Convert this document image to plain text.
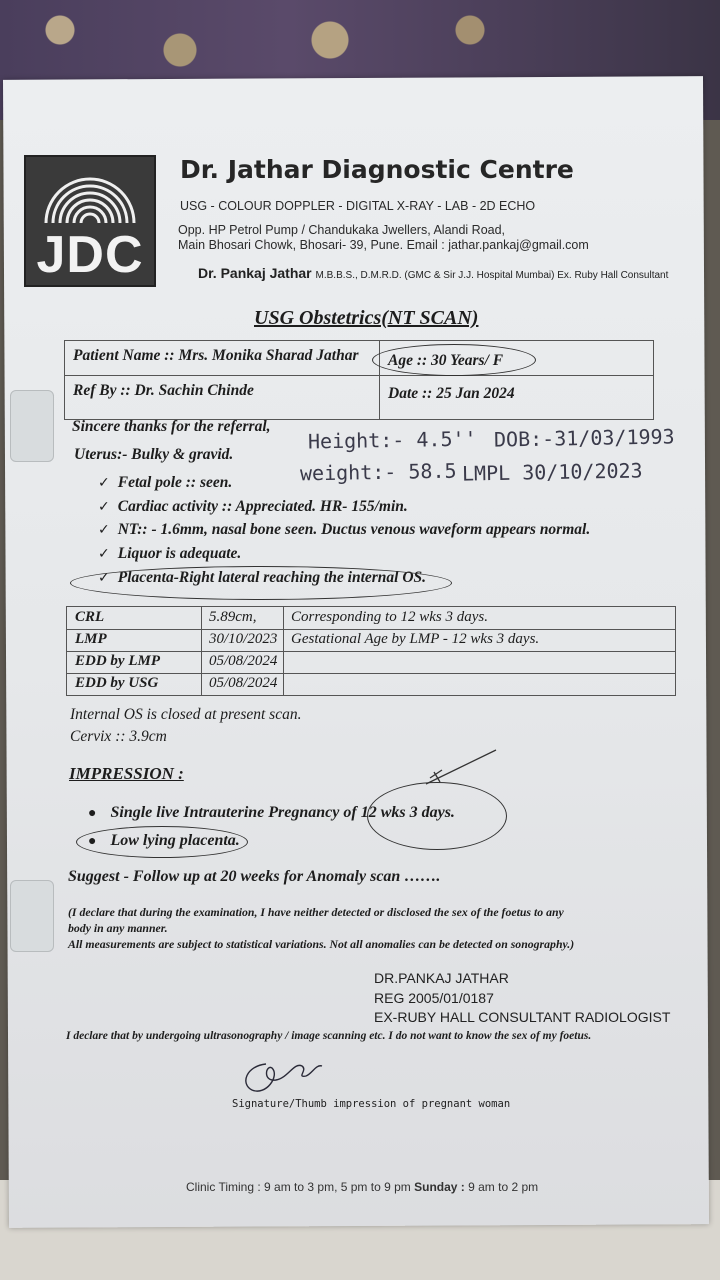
JDC
Dr. Jathar Diagnostic Centre
USG - COLOUR DOPPLER - DIGITAL X-RAY - LAB - 2D ECHO
Opp. HP Petrol Pump / Chandukaka Jwellers, Alandi Road,
Main Bhosari Chowk, Bhosari- 39, Pune. Email : jathar.pankaj@gmail.com
Dr. Pankaj Jathar M.B.B.S., D.M.R.D. (GMC & Sir J.J. Hospital Mumbai) Ex. Ruby Hall Consultant
USG Obstetrics(NT SCAN)
Patient Name :: Mrs. Monika Sharad Jathar Age :: 30 Years/ F
Ref By :: Dr. Sachin Chinde	Date :: 25 Jan 2024
Sincere thanks for the referral,
Uterus:- Bulky & gravid.
Height:- 4.5'' DOB:-31/03/1993
weight:- 58.5 LMPL 30/10/2023
✓ Fetal pole :: seen.
✓ Cardiac activity :: Appreciated. HR- 155/min.
✓ NT:: - 1.6mm, nasal bone seen. Ductus venous waveform appears normal.
✓ Liquor is adequate.
✓ Placenta-Right lateral reaching the internal OS.
CRL	5.89cm, Corresponding to 12 wks 3 days.
LMP	30/10/2023 Gestational Age by LMP - 12 wks 3 days.
EDD by LMP	05/08/2024
EDD by USG	05/08/2024
Internal OS is closed at present scan.
Cervix :: 3.9cm
IMPRESSION :
● Single live Intrauterine Pregnancy of 12 wks 3 days.
● Low lying placenta.
Suggest - Follow up at 20 weeks for Anomaly scan …….
(I declare that during the examination, I have neither detected or disclosed the sex of the foetus to any
body in any manner.
All measurements are subject to statistical variations. Not all anomalies can be detected on sonography.)
DR.PANKAJ JATHAR
REG 2005/01/0187
EX-RUBY HALL CONSULTANT RADIOLOGIST
I declare that by undergoing ultrasonography / image scanning etc. I do not want to know the sex of my foetus.
Signature/Thumb impression of pregnant woman
Clinic Timing : 9 am to 3 pm, 5 pm to 9 pm Sunday : 9 am to 2 pm
